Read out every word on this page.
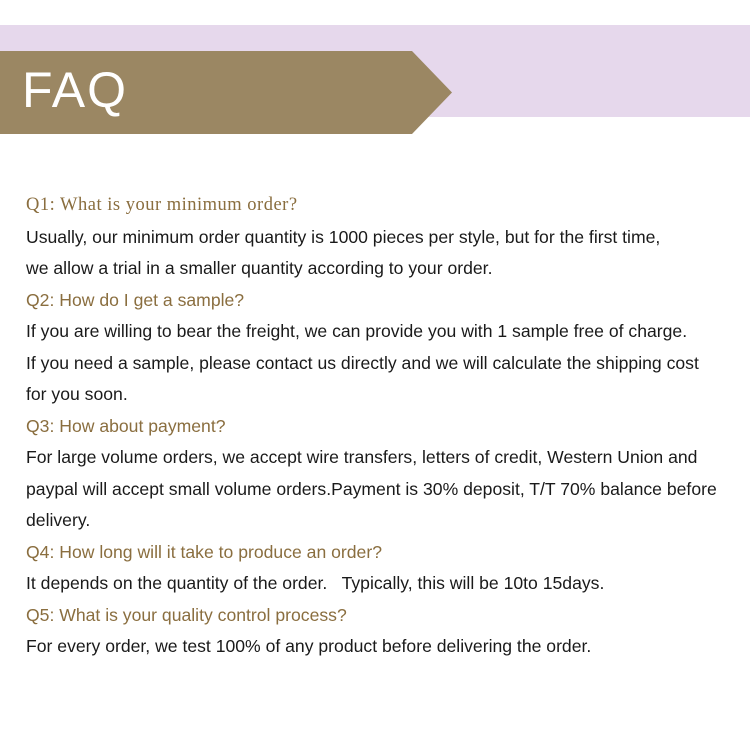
FAQ
Q1: What is your minimum order?
Usually, our minimum order quantity is 1000 pieces per style, but for the first time,
we allow a trial in a smaller quantity according to your order.
Q2: How do I get a sample?
If you are willing to bear the freight, we can provide you with 1 sample free of charge.
If you need a sample, please contact us directly and we will calculate the shipping cost
for you soon.
Q3: How about payment?
For large volume orders, we accept wire transfers, letters of credit, Western Union and
paypal will accept small volume orders.Payment is 30% deposit, T/T 70% balance before
delivery.
Q4: How long will it take to produce an order?
It depends on the quantity of the order.   Typically, this will be 10to 15days.
Q5: What is your quality control process?
For every order, we test 100% of any product before delivering the order.
